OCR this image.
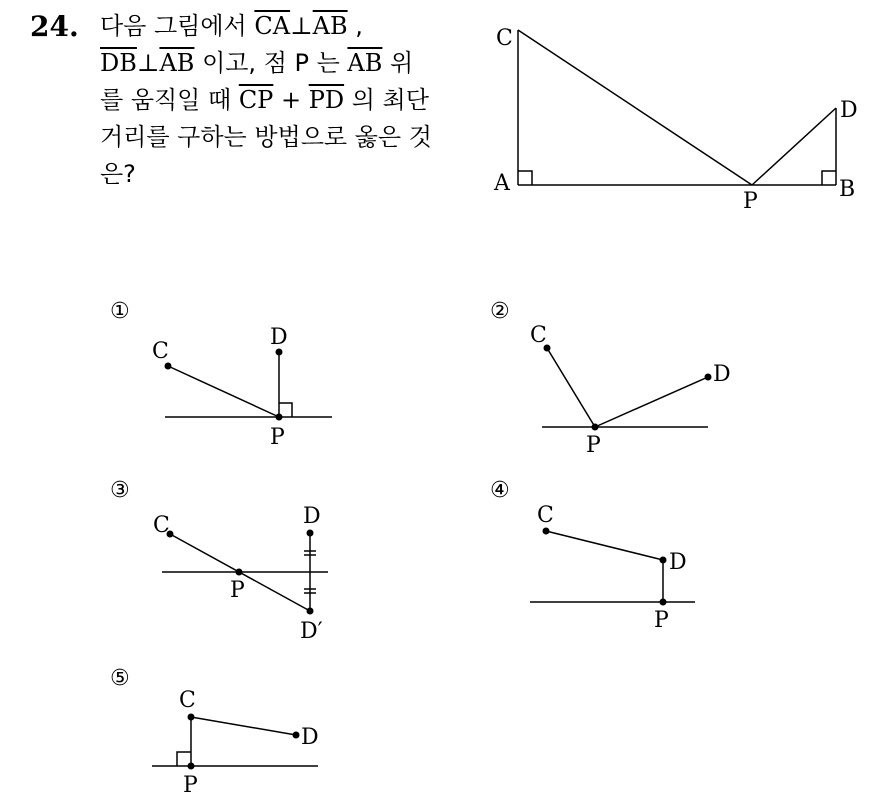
24. 다음 그림에서 $\overline{CA}\perp\overline{AB}$ ,
$\overline{DB}\perp\overline{AB}$ 이고, 점 P 는 $\overline{AB}$ 위
를 움직일 때 $\overline{CP} + \overline{PD}$ 의 최단
거리를 구하는 방법으로 옳은 것
은?
C
A
P	B
D
①	②
③	④
⑤
C
D
P
C
D
P
C	D
P
D′
C
D
P
C
D
P
